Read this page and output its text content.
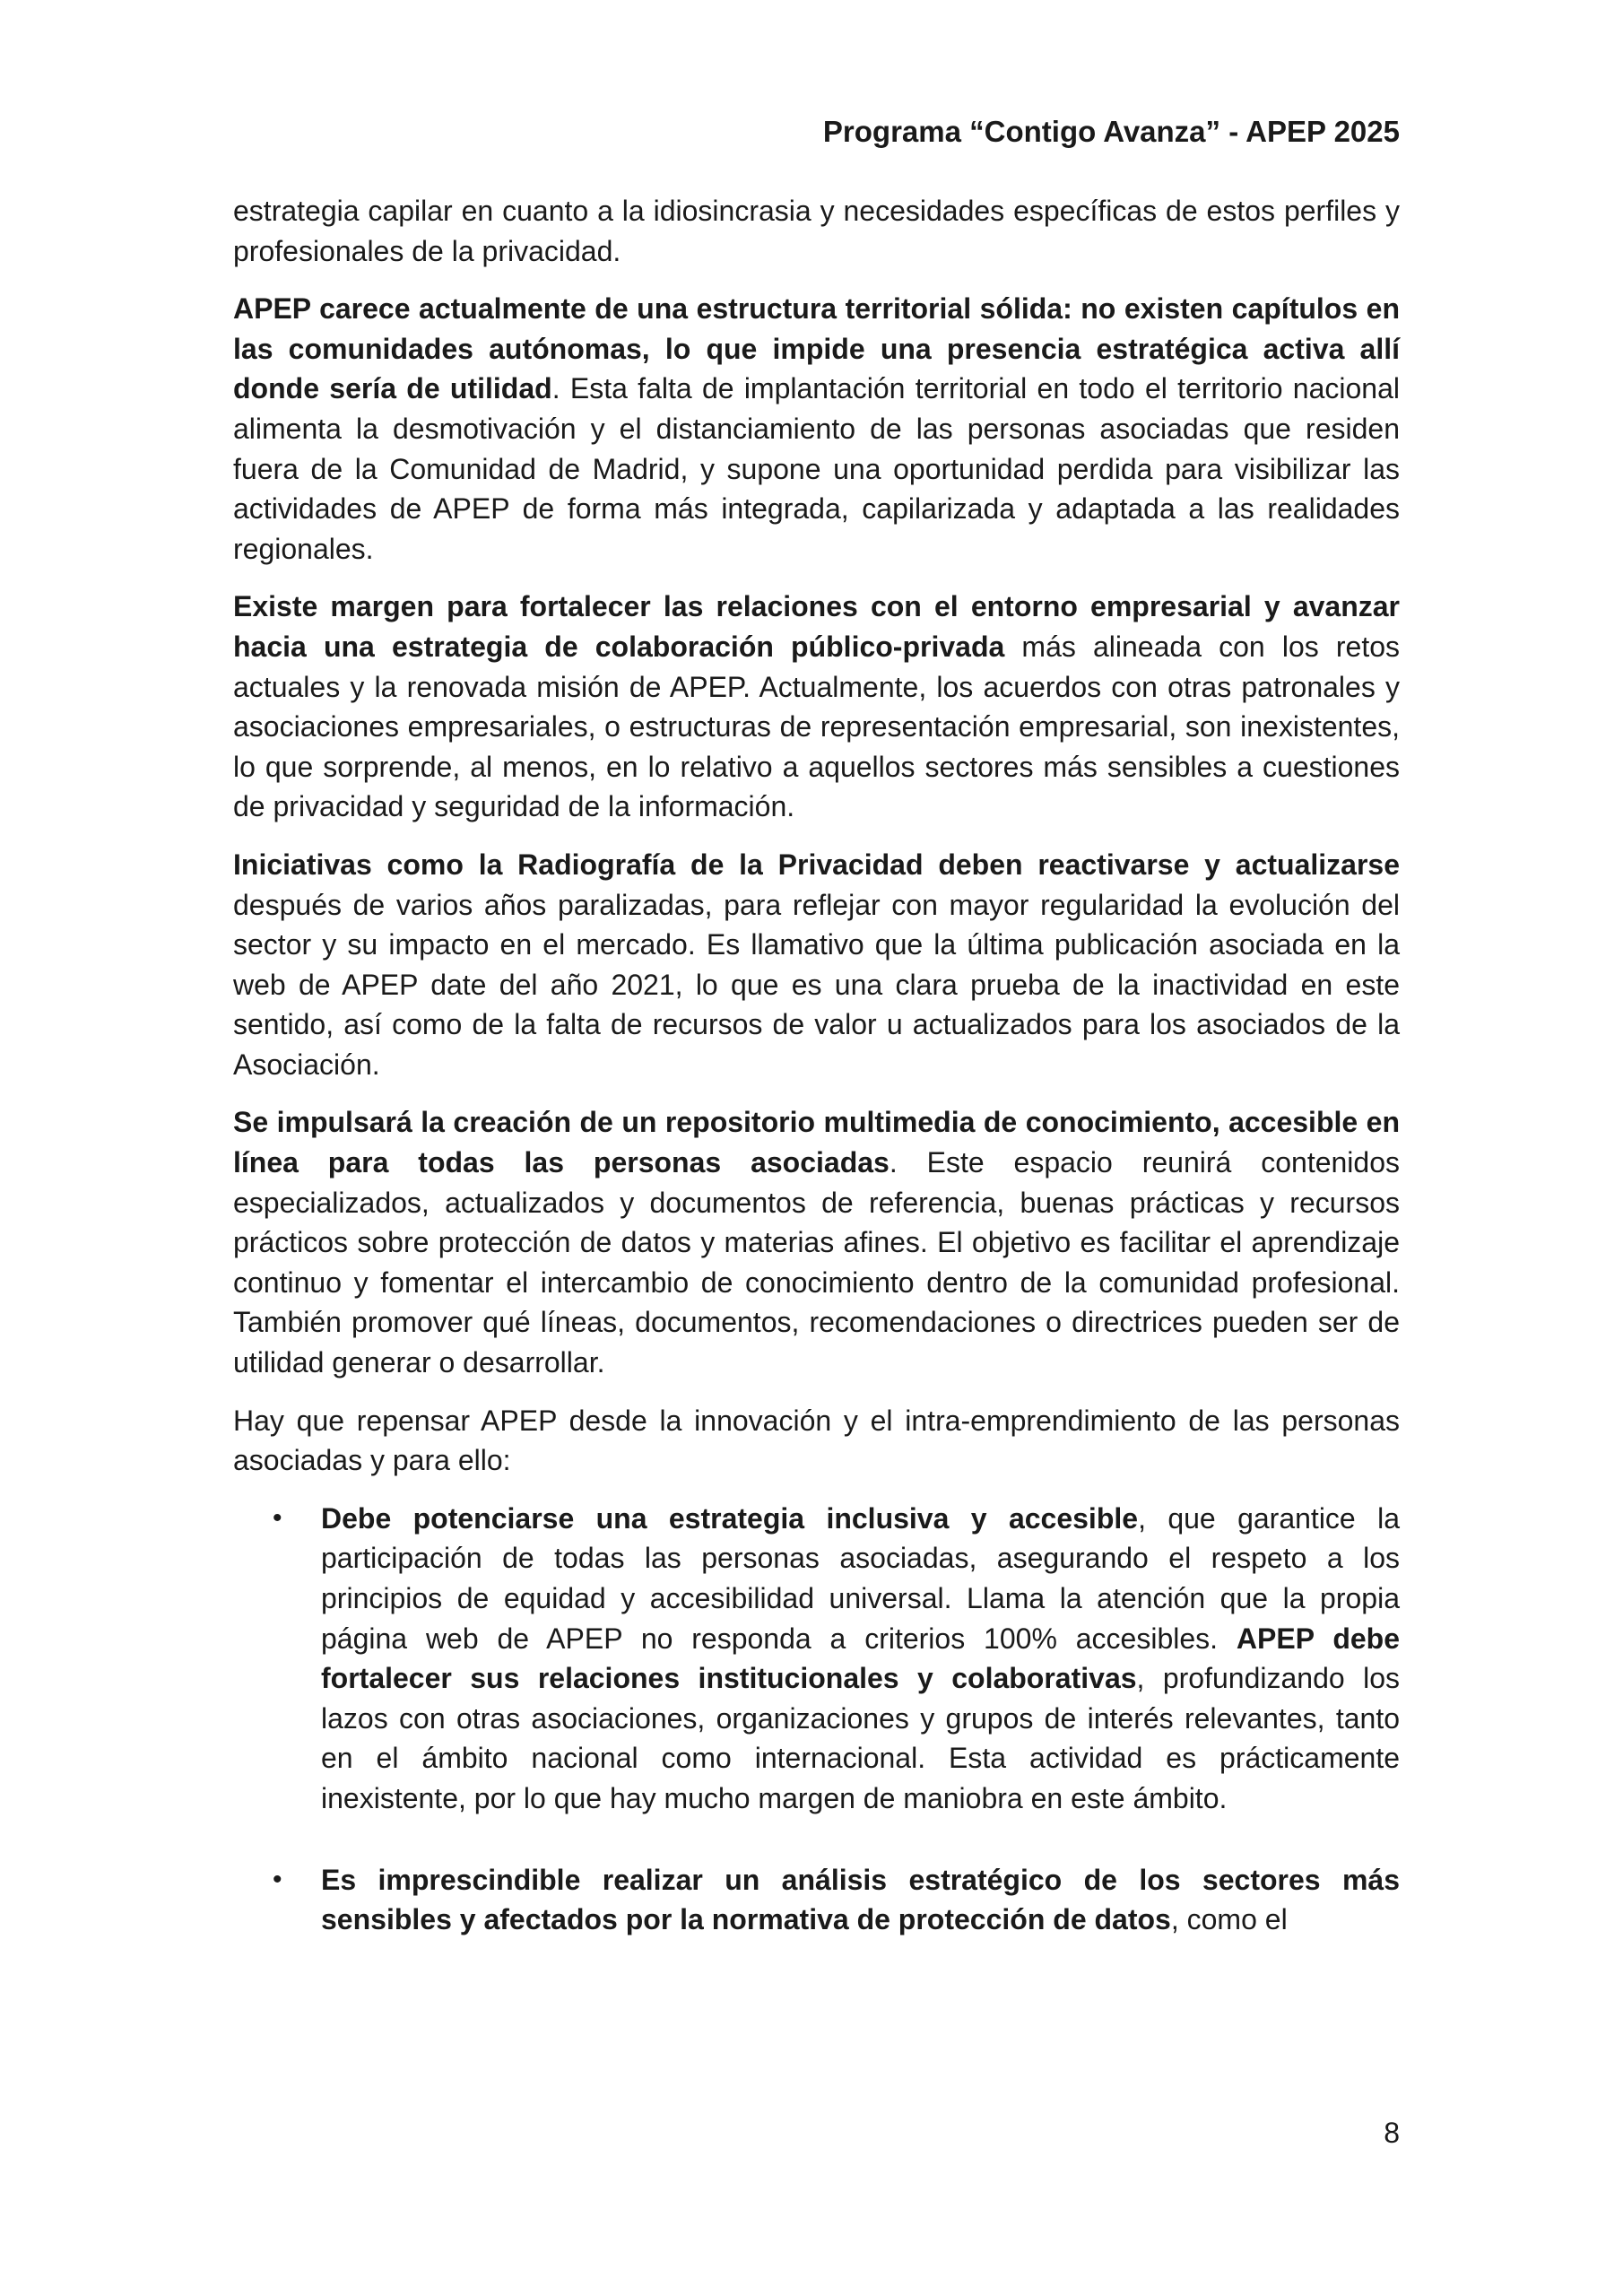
Programa “Contigo Avanza” - APEP 2025

estrategia capilar en cuanto a la idiosincrasia y necesidades específicas de estos perfiles y profesionales de la privacidad.

APEP carece actualmente de una estructura territorial sólida: no existen capítulos en las comunidades autónomas, lo que impide una presencia estratégica activa allí donde sería de utilidad. Esta falta de implantación territorial en todo el territorio nacional alimenta la desmotivación y el distanciamiento de las personas asociadas que residen fuera de la Comunidad de Madrid, y supone una oportunidad perdida para visibilizar las actividades de APEP de forma más integrada, capilarizada y adaptada a las realidades regionales.

Existe margen para fortalecer las relaciones con el entorno empresarial y avanzar hacia una estrategia de colaboración público-privada más alineada con los retos actuales y la renovada misión de APEP. Actualmente, los acuerdos con otras patronales y asociaciones empresariales, o estructuras de representación empresarial, son inexistentes, lo que sorprende, al menos, en lo relativo a aquellos sectores más sensibles a cuestiones de privacidad y seguridad de la información.

Iniciativas como la Radiografía de la Privacidad deben reactivarse y actualizarse después de varios años paralizadas, para reflejar con mayor regularidad la evolución del sector y su impacto en el mercado. Es llamativo que la última publicación asociada en la web de APEP date del año 2021, lo que es una clara prueba de la inactividad en este sentido, así como de la falta de recursos de valor u actualizados para los asociados de la Asociación.

Se impulsará la creación de un repositorio multimedia de conocimiento, accesible en línea para todas las personas asociadas. Este espacio reunirá contenidos especializados, actualizados y documentos de referencia, buenas prácticas y recursos prácticos sobre protección de datos y materias afines. El objetivo es facilitar el aprendizaje continuo y fomentar el intercambio de conocimiento dentro de la comunidad profesional. También promover qué líneas, documentos, recomendaciones o directrices pueden ser de utilidad generar o desarrollar.

Hay que repensar APEP desde la innovación y el intra-emprendimiento de las personas asociadas y para ello:

• Debe potenciarse una estrategia inclusiva y accesible, que garantice la participación de todas las personas asociadas, asegurando el respeto a los principios de equidad y accesibilidad universal. Llama la atención que la propia página web de APEP no responda a criterios 100% accesibles. APEP debe fortalecer sus relaciones institucionales y colaborativas, profundizando los lazos con otras asociaciones, organizaciones y grupos de interés relevantes, tanto en el ámbito nacional como internacional. Esta actividad es prácticamente inexistente, por lo que hay mucho margen de maniobra en este ámbito.
• Es imprescindible realizar un análisis estratégico de los sectores más sensibles y afectados por la normativa de protección de datos, como el
8
